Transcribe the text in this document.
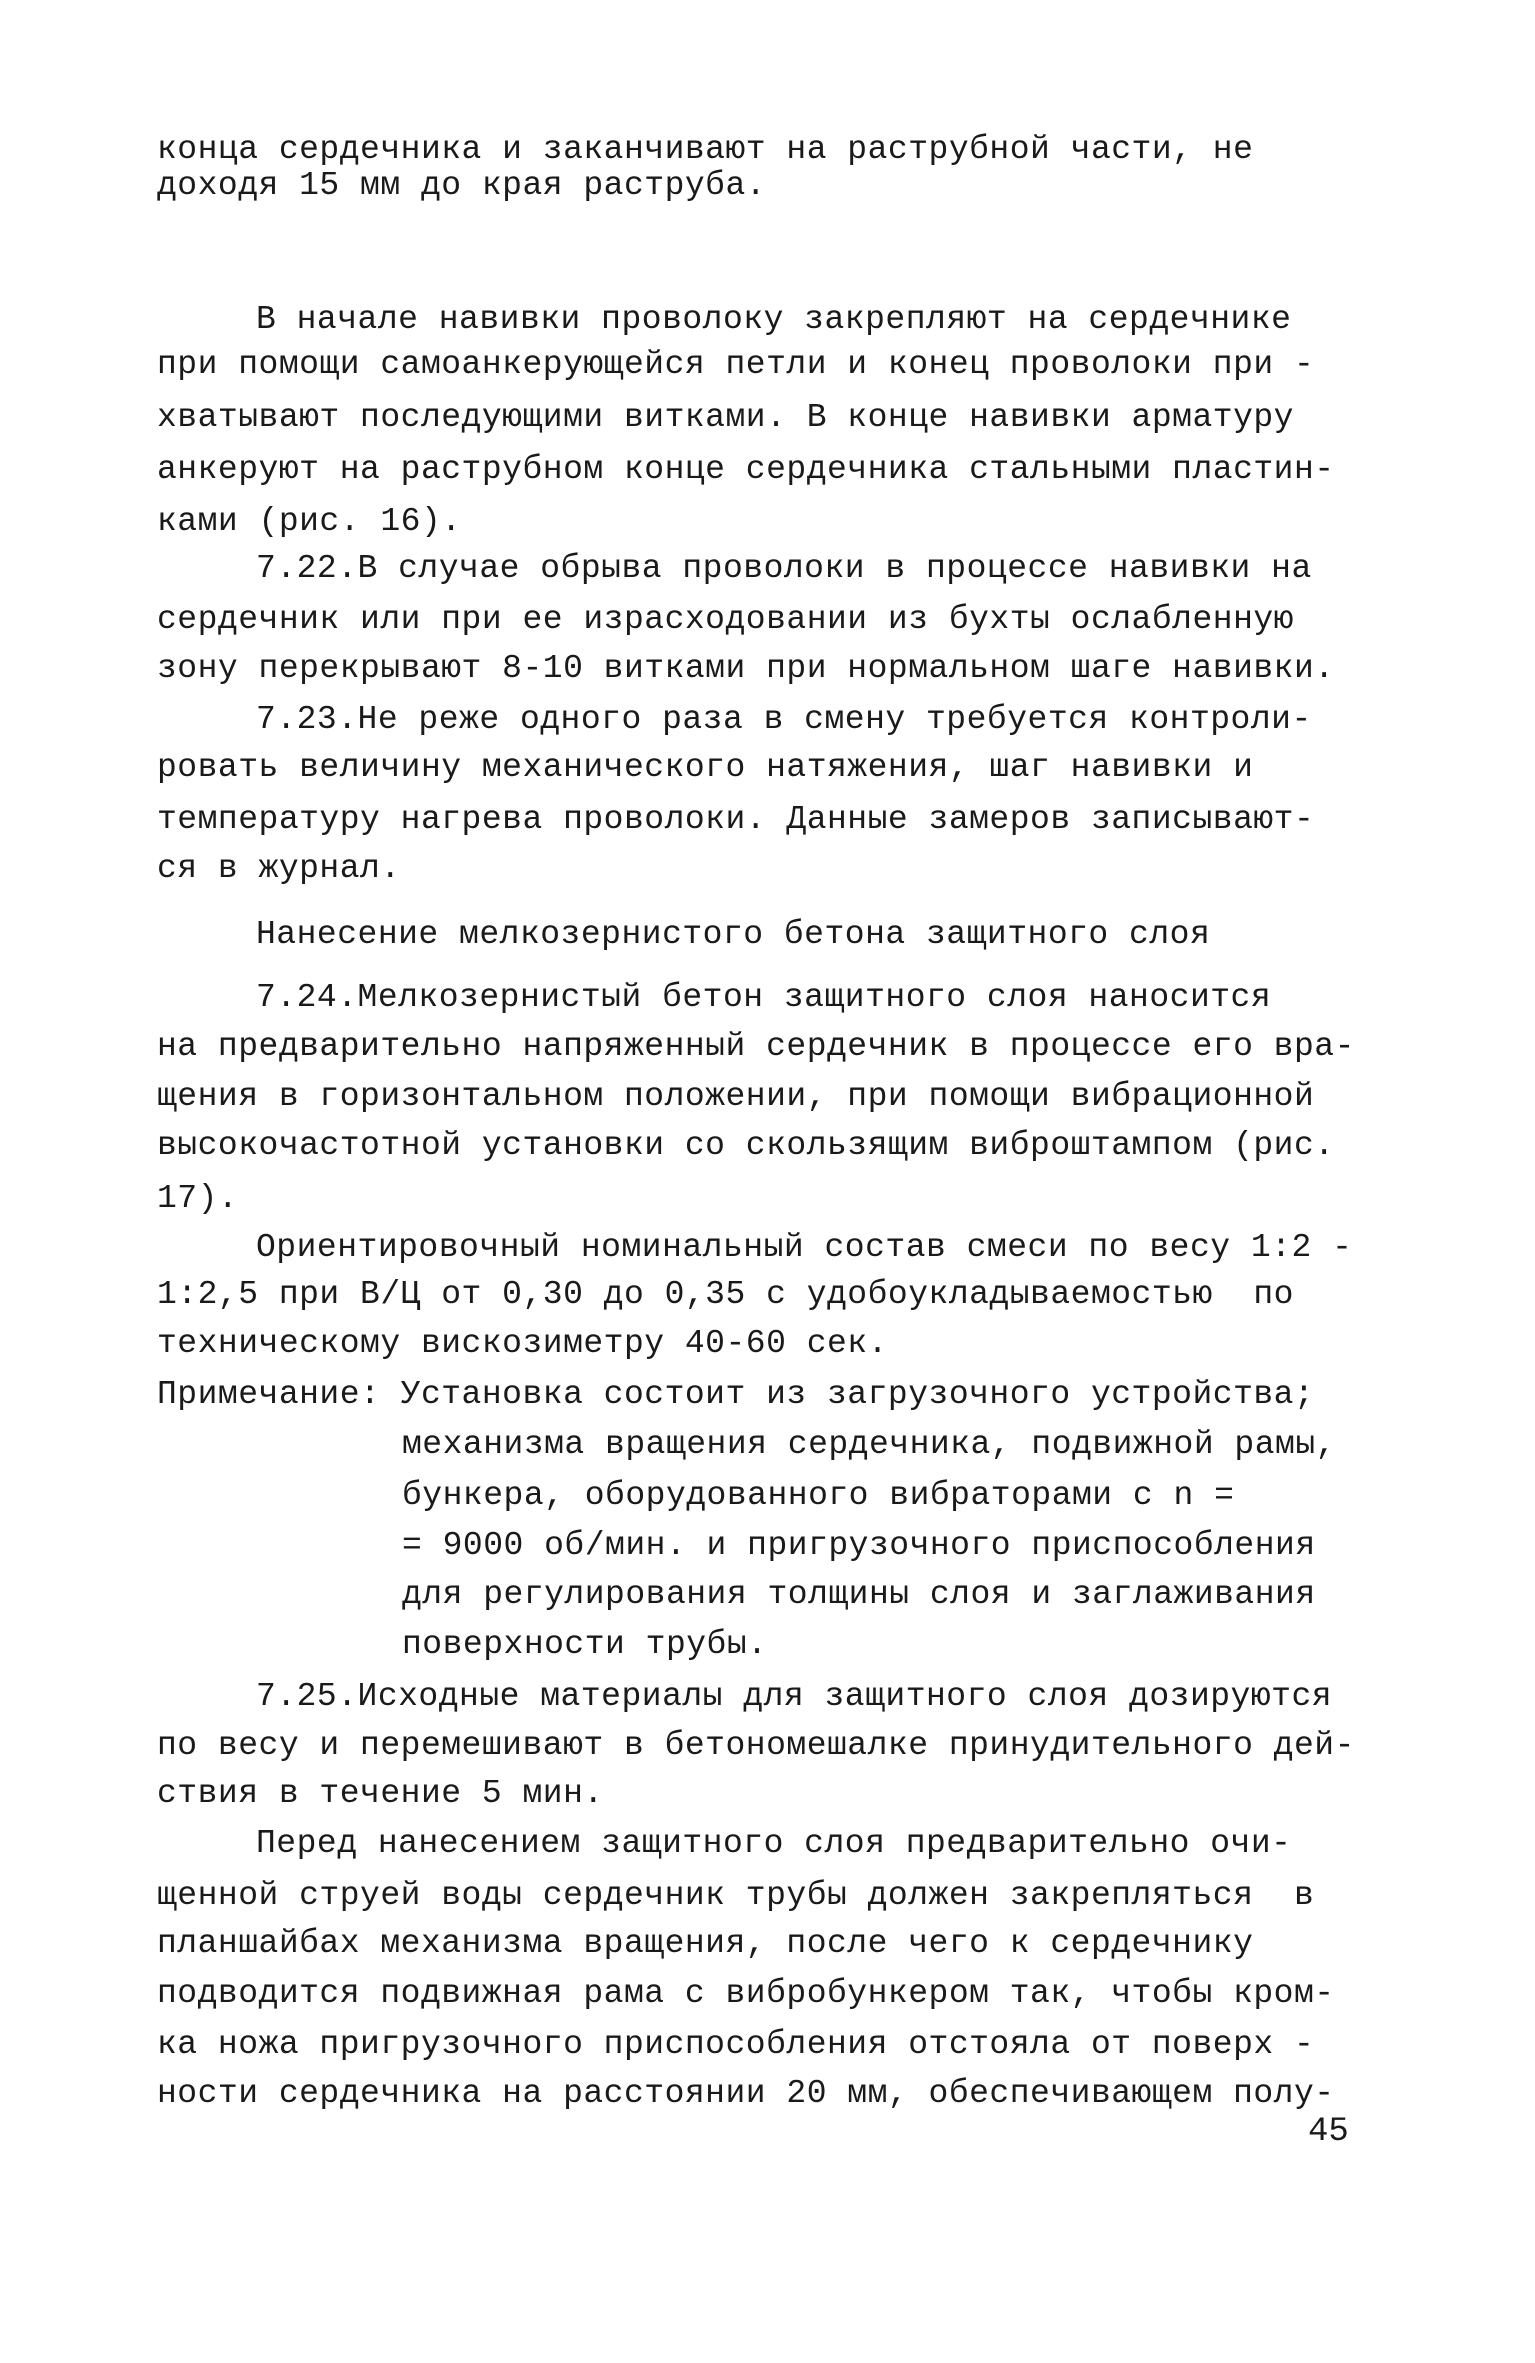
конца сердечника и заканчивают на раструбной части, не

доходя 15 мм до края раструба.

В начале навивки проволоку закрепляют на сердечнике

при помощи самоанкерующейся петли и конец проволоки при -

хватывают последующими витками. В конце навивки арматуру

анкеруют на раструбном конце сердечника стальными пластин-

ками (рис. 16).

7.22.В случае обрыва проволоки в процессе навивки на

сердечник или при ее израсходовании из бухты ослабленную

зону перекрывают 8-10 витками при нормальном шаге навивки.

7.23.Не реже одного раза в смену требуется контроли-

ровать величину механического натяжения, шаг навивки и

температуру нагрева проволоки. Данные замеров записывают-

ся в журнал.

Нанесение мелкозернистого бетона защитного слоя

7.24.Мелкозернистый бетон защитного слоя наносится

на предварительно напряженный сердечник в процессе его вра-

щения в горизонтальном положении, при помощи вибрационной

высокочастотной установки со скользящим виброштампом (рис.

17).

Ориентировочный номинальный состав смеси по весу 1:2 -

1:2,5 при В/Ц от 0,30 до 0,35 с удобоукладываемостью  по

техническому вискозиметру 40-60 сек.

Примечание: Установка состоит из загрузочного устройства;

механизма вращения сердечника, подвижной рамы,

бункера, оборудованного вибраторами с n =

= 9000 об/мин. и пригрузочного приспособления

для регулирования толщины слоя и заглаживания

поверхности трубы.

7.25.Исходные материалы для защитного слоя дозируются

по весу и перемешивают в бетономешалке принудительного дей-

ствия в течение 5 мин.

Перед нанесением защитного слоя предварительно очи-

щенной струей воды сердечник трубы должен закрепляться  в

планшайбах механизма вращения, после чего к сердечнику

подводится подвижная рама с вибробункером так, чтобы кром-

ка ножа пригрузочного приспособления отстояла от поверх -

ности сердечника на расстоянии 20 мм, обеспечивающем полу-

45
